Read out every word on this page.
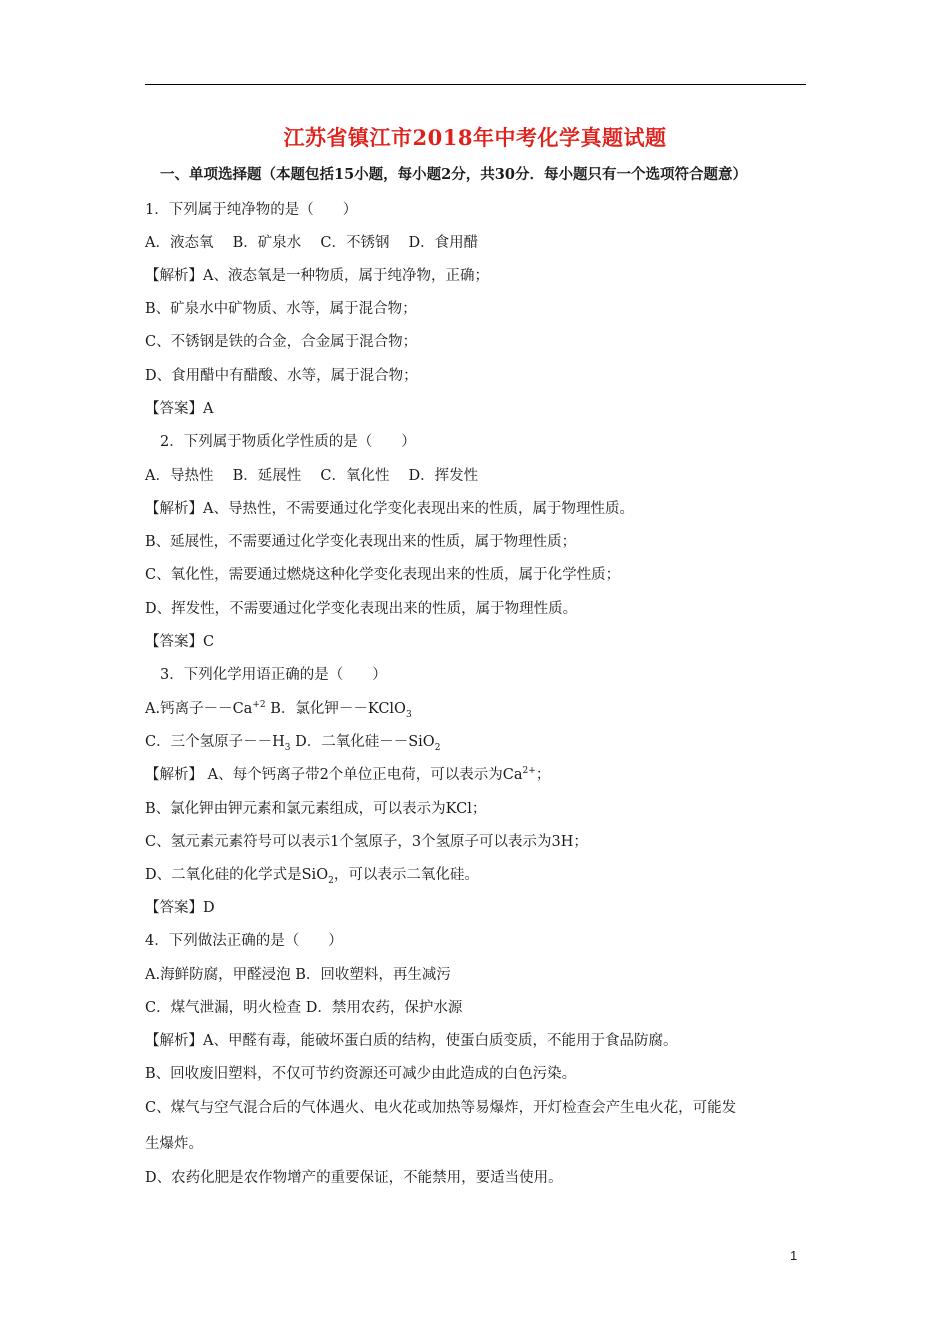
江苏省镇江市2018年中考化学真题试题
一、单项选择题（本题包括15小题，每小题2分，共30分．每小题只有一个选项符合题意）
1．下列属于纯净物的是（　　）
A．液态氧　 B．矿泉水　 C．不锈钢　 D．食用醋
【解析】A、液态氧是一种物质，属于纯净物，正确；
B、矿泉水中矿物质、水等，属于混合物；
C、不锈钢是铁的合金，合金属于混合物；
D、食用醋中有醋酸、水等，属于混合物；
【答案】A
2．下列属于物质化学性质的是（　　）
A．导热性　 B．延展性　 C．氧化性　 D．挥发性
【解析】A、导热性，不需要通过化学变化表现出来的性质，属于物理性质。
B、延展性，不需要通过化学变化表现出来的性质，属于物理性质；
C、氧化性，需要通过燃烧这种化学变化表现出来的性质，属于化学性质；
D、挥发性，不需要通过化学变化表现出来的性质，属于物理性质。
【答案】C
3．下列化学用语正确的是（　　）
A.钙离子$--Ca^{+2}$ B．氯化钾－－KClO$_3$
C．三个氢原子$--H_3$ D．二氧化硅－－SiO$_2$
【解析】 A、每个钙离子带2个单位正电荷，可以表示为$Ca^{2+}$；
B、氯化钾由钾元素和氯元素组成，可以表示为KCl；
C、氢元素元素符号可以表示1个氢原子，3个氢原子可以表示为3H；
D、二氧化硅的化学式是SiO$_2$，可以表示二氧化硅。
【答案】D
4．下列做法正确的是（　　）
A.海鲜防腐，甲醛浸泡 B．回收塑料，再生减污
C．煤气泄漏，明火检查 D．禁用农药，保护水源
【解析】A、甲醛有毒，能破坏蛋白质的结构，使蛋白质变质，不能用于食品防腐。
B、回收废旧塑料，不仅可节约资源还可减少由此造成的白色污染。
C、煤气与空气混合后的气体遇火、电火花或加热等易爆炸，开灯检查会产生电火花，可能发
生爆炸。
D、农药化肥是农作物增产的重要保证，不能禁用，要适当使用。
1
